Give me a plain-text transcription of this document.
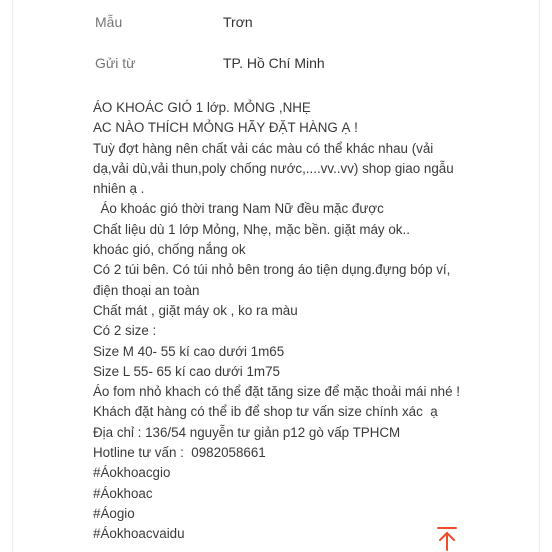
Mẫu	Trơn
Gửi từ	TP. Hồ Chí Minh
ÁO KHOÁC GIÓ 1 lớp. MỎNG ,NHẸ
AC NÀO THÍCH MỎNG HÃY ĐẶT HÀNG Ạ !
Tuỳ đợt hàng nên chất vải các màu có thể khác nhau (vải
dạ,vải dù,vải thun,poly chống nước,....vv..vv) shop giao ngẫu
nhiên ạ .
Áo khoác gió thời trang Nam Nữ đều mặc được
Chất liệu dù 1 lớp Mỏng, Nhẹ, mặc bền. giặt máy ok..
khoác gió, chống nắng ok
Có 2 túi bên. Có túi nhỏ bên trong áo tiện dụng.đựng bóp ví,
điện thoại an toàn
Chất mát , giặt máy ok , ko ra màu
Có 2 size :
Size M 40- 55 kí cao dưới 1m65
Size L 55- 65 kí cao dưới 1m75
Áo fom nhỏ khach có thể đặt tăng size để mặc thoải mái nhé !
Khách đặt hàng có thể ib để shop tư vấn size chính xác  ạ
Địa chỉ : 136/54 nguyễn tư giản p12 gò vấp TPHCM
Hotline tư vấn :  0982058661
#Áokhoacgio
#Áokhoac
#Áogio
#Áokhoacvaidu
